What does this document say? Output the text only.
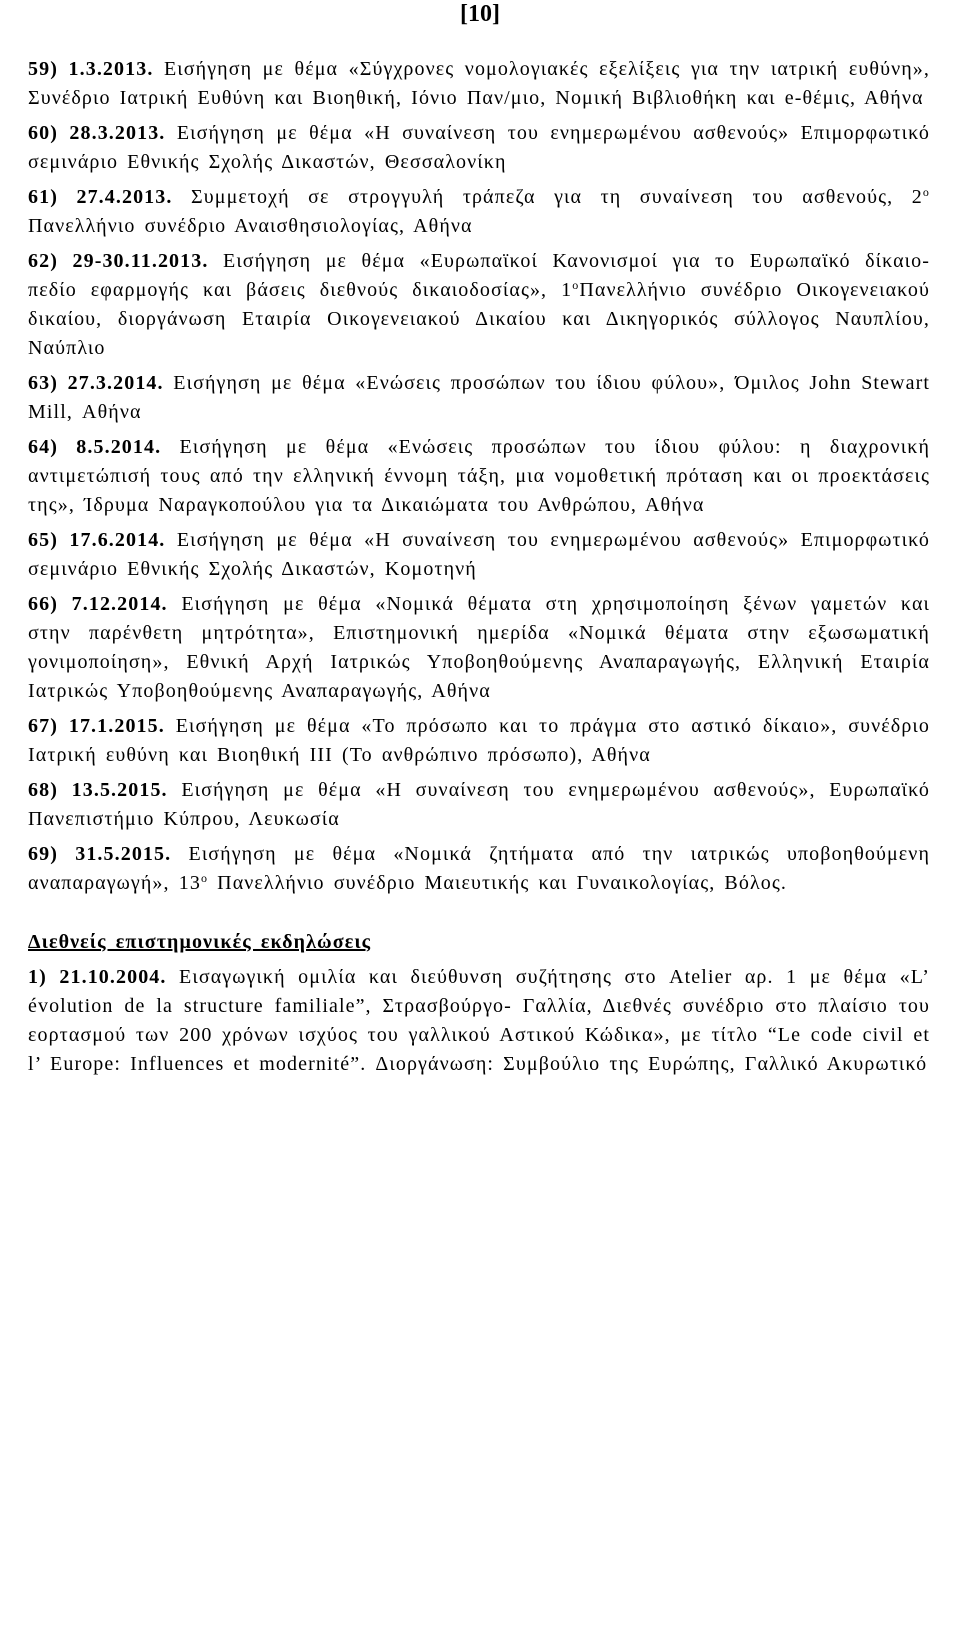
[10]

59) 1.3.2013. Εισήγηση με θέμα «Σύγχρονες νομολογιακές εξελίξεις για την ιατρική ευθύνη», Συνέδριο Ιατρική Ευθύνη και Βιοηθική, Ιόνιο Παν/μιο, Νομική Βιβλιοθήκη και e-θέμις, Αθήνα

60) 28.3.2013. Εισήγηση με θέμα «Η συναίνεση του ενημερωμένου ασθενούς» Επιμορφωτικό σεμινάριο Εθνικής Σχολής Δικαστών, Θεσσαλονίκη

61) 27.4.2013. Συμμετοχή σε στρογγυλή τράπεζα για τη συναίνεση του ασθενούς, $2^o$ Πανελλήνιο συνέδριο Αναισθησιολογίας, Αθήνα

62) 29-30.11.2013. Εισήγηση με θέμα «Ευρωπαϊκοί Κανονισμοί για το Ευρωπαϊκό δίκαιο- πεδίο εφαρμογής και βάσεις διεθνούς δικαιοδοσίας», $1^o\Pi\alpha\nu\varepsilon\lambda\lambda ή\nu\iota o$ συνέδριο Οικογενειακού δικαίου, διοργάνωση Εταιρία Οικογενειακού Δικαίου και Δικηγορικός σύλλογος Ναυπλίου, Ναύπλιο

63) 27.3.2014. Εισήγηση με θέμα «Ενώσεις προσώπων του ίδιου φύλου», Όμιλος John Stewart Mill, Αθήνα

64) 8.5.2014. Εισήγηση με θέμα «Ενώσεις προσώπων του ίδιου φύλου: η διαχρονική αντιμετώπισή τους από την ελληνική έννομη τάξη, μια νομοθετική πρόταση και οι προεκτάσεις της», Ίδρυμα Ναραγκοπούλου για τα Δικαιώματα του Ανθρώπου, Αθήνα

65) 17.6.2014. Εισήγηση με θέμα «Η συναίνεση του ενημερωμένου ασθενούς» Επιμορφωτικό σεμινάριο Εθνικής Σχολής Δικαστών, Κομοτηνή

66) 7.12.2014. Εισήγηση με θέμα «Νομικά θέματα στη χρησιμοποίηση ξένων γαμετών και στην παρένθετη μητρότητα», Επιστημονική ημερίδα «Νομικά θέματα στην εξωσωματική γονιμοποίηση», Εθνική Αρχή Ιατρικώς Υποβοηθούμενης Αναπαραγωγής, Ελληνική Εταιρία Ιατρικώς Υποβοηθούμενης Αναπαραγωγής, Αθήνα

67) 17.1.2015. Εισήγηση με θέμα «Το πρόσωπο και το πράγμα στο αστικό δίκαιο», συνέδριο Ιατρική ευθύνη και Βιοηθική ΙΙΙ (Το ανθρώπινο πρόσωπο), Αθήνα

68) 13.5.2015. Εισήγηση με θέμα «Η συναίνεση του ενημερωμένου ασθενούς», Ευρωπαϊκό Πανεπιστήμιο Κύπρου, Λευκωσία

69) 31.5.2015. Εισήγηση με θέμα «Νομικά ζητήματα από την ιατρικώς υποβοηθούμενη αναπαραγωγή», $13^o$ Πανελλήνιο συνέδριο Μαιευτικής και Γυναικολογίας, Βόλος.

Διεθνείς επιστημονικές εκδηλώσεις

1) 21.10.2004. Εισαγωγική ομιλία και διεύθυνση συζήτησης στο Atelier αρ. 1 με θέμα «L’ évolution de la structure familiale”, Στρασβούργο- Γαλλία, Διεθνές συνέδριο στο πλαίσιο του εορτασμού των 200 χρόνων ισχύος του γαλλικού Αστικού Κώδικα», με τίτλο “Le code civil et l’ Europe: Influences et modernité”. Διοργάνωση: Συμβούλιο της Ευρώπης, Γαλλικό Ακυρωτικό
